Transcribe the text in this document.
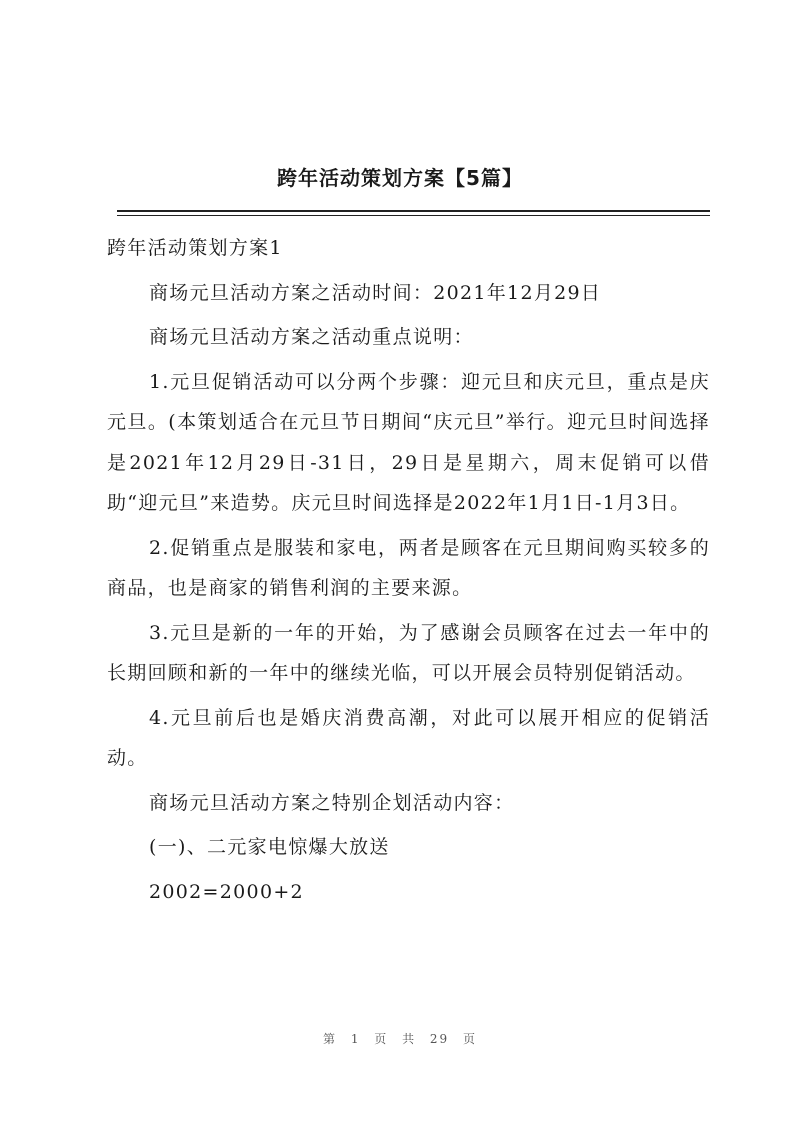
跨年活动策划方案【5篇】

跨年活动策划方案1

商场元旦活动方案之活动时间：2021年12月29日

商场元旦活动方案之活动重点说明：

1.元旦促销活动可以分两个步骤：迎元旦和庆元旦，重点是庆元旦。(本策划适合在元旦节日期间“庆元旦”举行。迎元旦时间选择是2021年12月29日-31日，29日是星期六，周末促销可以借助“迎元旦”来造势。庆元旦时间选择是2022年1月1日-1月3日。

2.促销重点是服装和家电，两者是顾客在元旦期间购买较多的商品，也是商家的销售利润的主要来源。

3.元旦是新的一年的开始，为了感谢会员顾客在过去一年中的长期回顾和新的一年中的继续光临，可以开展会员特别促销活动。

4.元旦前后也是婚庆消费高潮，对此可以展开相应的促销活动。

商场元旦活动方案之特别企划活动内容：

(一)、二元家电惊爆大放送

2002=2000+2

第 1 页 共 29 页
